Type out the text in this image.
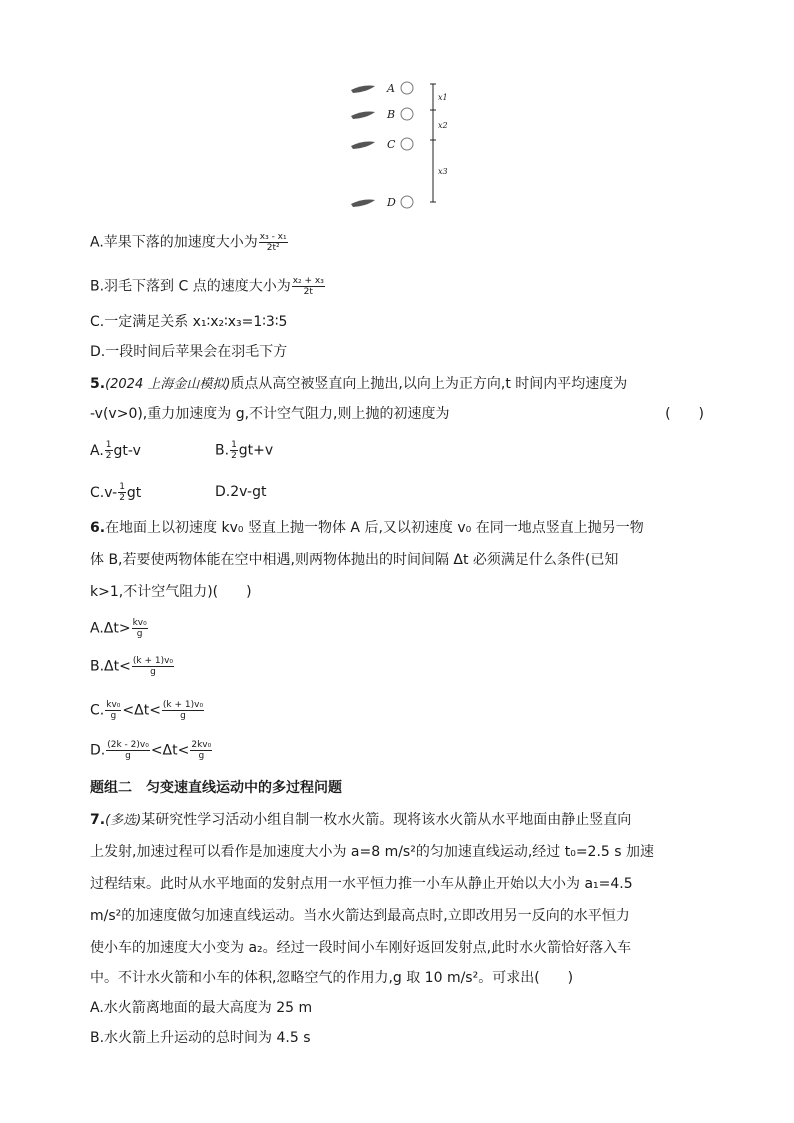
A
B
C
D
x1
x2
x3
A.苹果下落的加速度大小为 $\frac{\text{x₃ - x₁}}{\text{2t²}}$
B.羽毛下落到 C 点的速度大小为 $\frac{\text{x₂ + x₃}}{2t}$
C.一定满足关系 x₁∶x₂∶x₃=1∶3∶5
D.一段时间后苹果会在羽毛下方
5.(2024 上海金山模拟)质点从高空被竖直向上抛出,以向上为正方向,t 时间内平均速度为
-v(v>0),重力加速度为 g,不计空气阻力,则上抛的初速度为	(　　)
A. $\frac{1}{2} gt-v$	B. $\frac{1}{2} gt+v$
$C.v- \frac{1}{2}$ gt	D.2v-gt
6.在地面上以初速度 kv₀ 竖直上抛一物体 A 后,又以初速度 v₀ 在同一地点竖直上抛另一物
体 B,若要使两物体能在空中相遇,则两物体抛出的时间间隔 Δt 必须满足什么条件(已知
k>1,不计空气阻力)(　　)
$A.\Delta t> \frac{\text{kv₀}}{g}$
$B.\Delta t< \frac{\text{(k + 1)v₀}}{g}$
C. $\frac{\text{kv₀}}{g} <\Delta t< \frac{\text{(k + 1)v₀}}{g}$
D. $\frac{\text{(2k - 2)v₀}}{g} <\Delta t< \frac{\text{2kv₀}}{g}$
题组二　匀变速直线运动中的多过程问题
7.(多选)某研究性学习活动小组自制一枚水火箭。现将该水火箭从水平地面由静止竖直向
上发射,加速过程可以看作是加速度大小为 a=8 m/s²的匀加速直线运动,经过 t₀=2.5 s 加速
过程结束。此时从水平地面的发射点用一水平恒力推一小车从静止开始以大小为 a₁=4.5
m/s²的加速度做匀加速直线运动。当水火箭达到最高点时,立即改用另一反向的水平恒力
使小车的加速度大小变为 a₂。经过一段时间小车刚好返回发射点,此时水火箭恰好落入车
中。不计水火箭和小车的体积,忽略空气的作用力,g 取 10 m/s²。可求出(　　)
A.水火箭离地面的最大高度为 25 m
B.水火箭上升运动的总时间为 4.5 s
